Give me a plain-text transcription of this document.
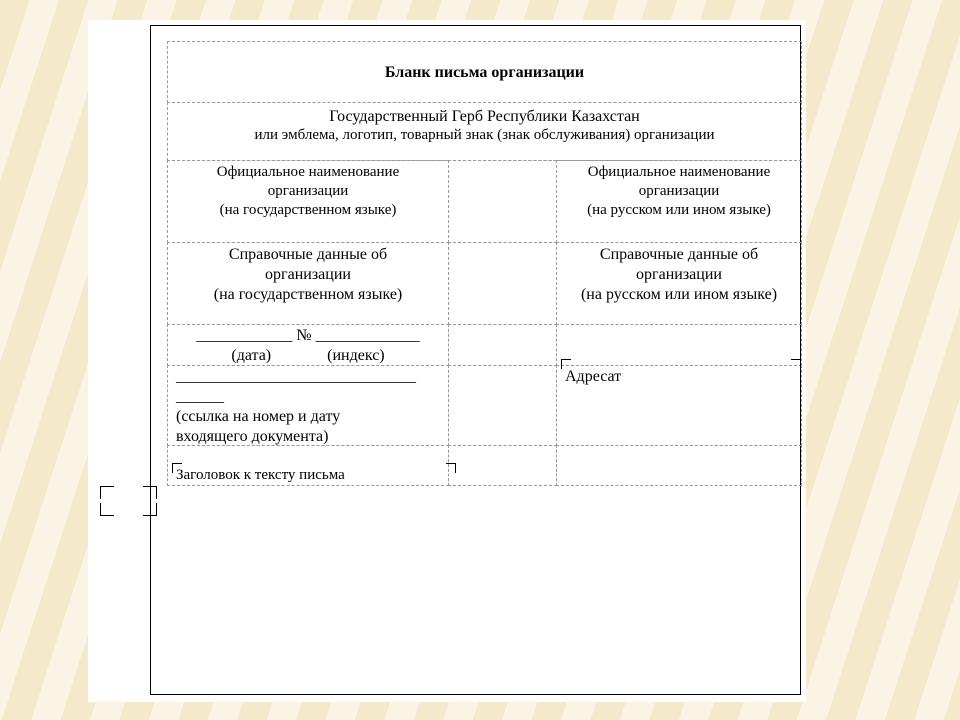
Бланк письма организации
Государственный Герб Республики Казахстан
или эмблема, логотип, товарный знак (знак обслуживания) организации
Официальное наименование
организации
(на государственном языке)
Официальное наименование
организации
(на русском или ином языке)
Справочные данные об
организации
(на государственном языке)
Справочные данные об
организации
(на русском или ином языке)
____________ № _____________
(дата)              (индекс)
______________________________
______
(ссылка на номер и дату
входящего документа)
Адресат
Заголовок к тексту письма
